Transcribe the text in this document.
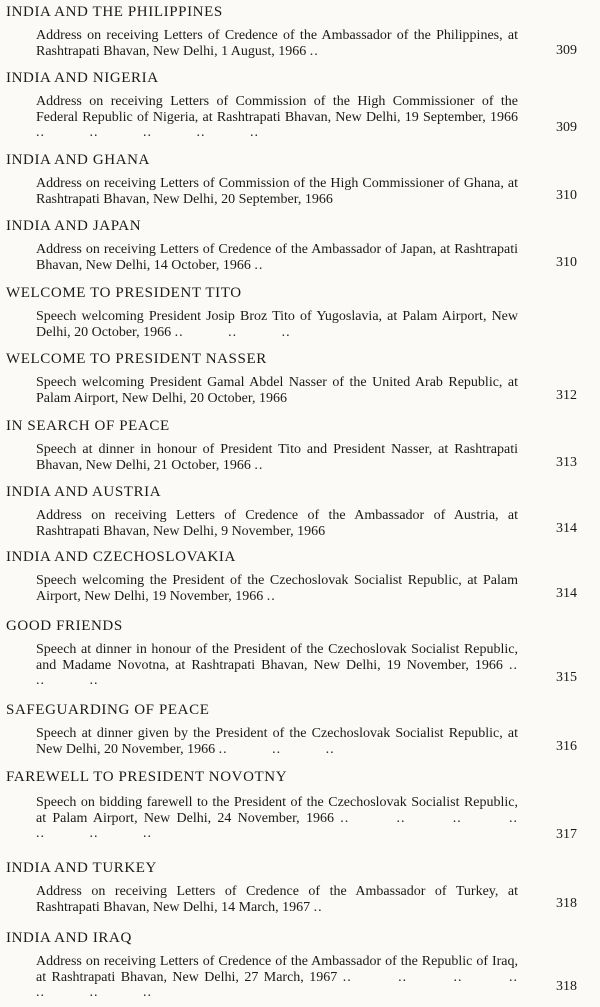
INDIA AND THE PHILIPPINES
Address on receiving Letters of Credence of the Ambassador of the Philippines, at Rashtrapati Bhavan, New Delhi, 1 August, 1966 ..	309
INDIA AND NIGERIA
Address on receiving Letters of Commission of the High Commissioner of the Federal Republic of Nigeria, at Rashtrapati Bhavan, New Delhi, 19 September, 1966 .. .. .. .. ..	309
INDIA AND GHANA
Address on receiving Letters of Commission of the High Commissioner of Ghana, at Rashtrapati Bhavan, New Delhi, 20 September, 1966	310
INDIA AND JAPAN
Address on receiving Letters of Credence of the Ambassador of Japan, at Rashtrapati Bhavan, New Delhi, 14 October, 1966 ..	310
WELCOME TO PRESIDENT TITO
Speech welcoming President Josip Broz Tito of Yugoslavia, at Palam Airport, New Delhi, 20 October, 1966 .. .. ..
WELCOME TO PRESIDENT NASSER
Speech welcoming President Gamal Abdel Nasser of the United Arab Republic, at Palam Airport, New Delhi, 20 October, 1966	312
IN SEARCH OF PEACE
Speech at dinner in honour of President Tito and President Nasser, at Rashtrapati Bhavan, New Delhi, 21 October, 1966 ..	313
INDIA AND AUSTRIA
Address on receiving Letters of Credence of the Ambassador of Austria, at Rashtrapati Bhavan, New Delhi, 9 November, 1966	314
INDIA AND CZECHOSLOVAKIA
Speech welcoming the President of the Czechoslovak Socialist Republic, at Palam Airport, New Delhi, 19 November, 1966 ..	314
GOOD FRIENDS
Speech at dinner in honour of the President of the Czechoslovak Socialist Republic, and Madame Novotna, at Rashtrapati Bhavan, New Delhi, 19 November, 1966 .. .. ..	315
SAFEGUARDING OF PEACE
Speech at dinner given by the President of the Czechoslovak Socialist Republic, at New Delhi, 20 November, 1966 .. .. ..	316
FAREWELL TO PRESIDENT NOVOTNY
Speech on bidding farewell to the President of the Czechoslovak Socialist Republic, at Palam Airport, New Delhi, 24 November, 1966 .. .. .. .. .. .. ..	317
INDIA AND TURKEY
Address on receiving Letters of Credence of the Ambassador of Turkey, at Rashtrapati Bhavan, New Delhi, 14 March, 1967 ..	318
INDIA AND IRAQ
Address on receiving Letters of Credence of the Ambassador of the Republic of Iraq, at Rashtrapati Bhavan, New Delhi, 27 March, 1967 .. .. .. .. .. .. ..	318
